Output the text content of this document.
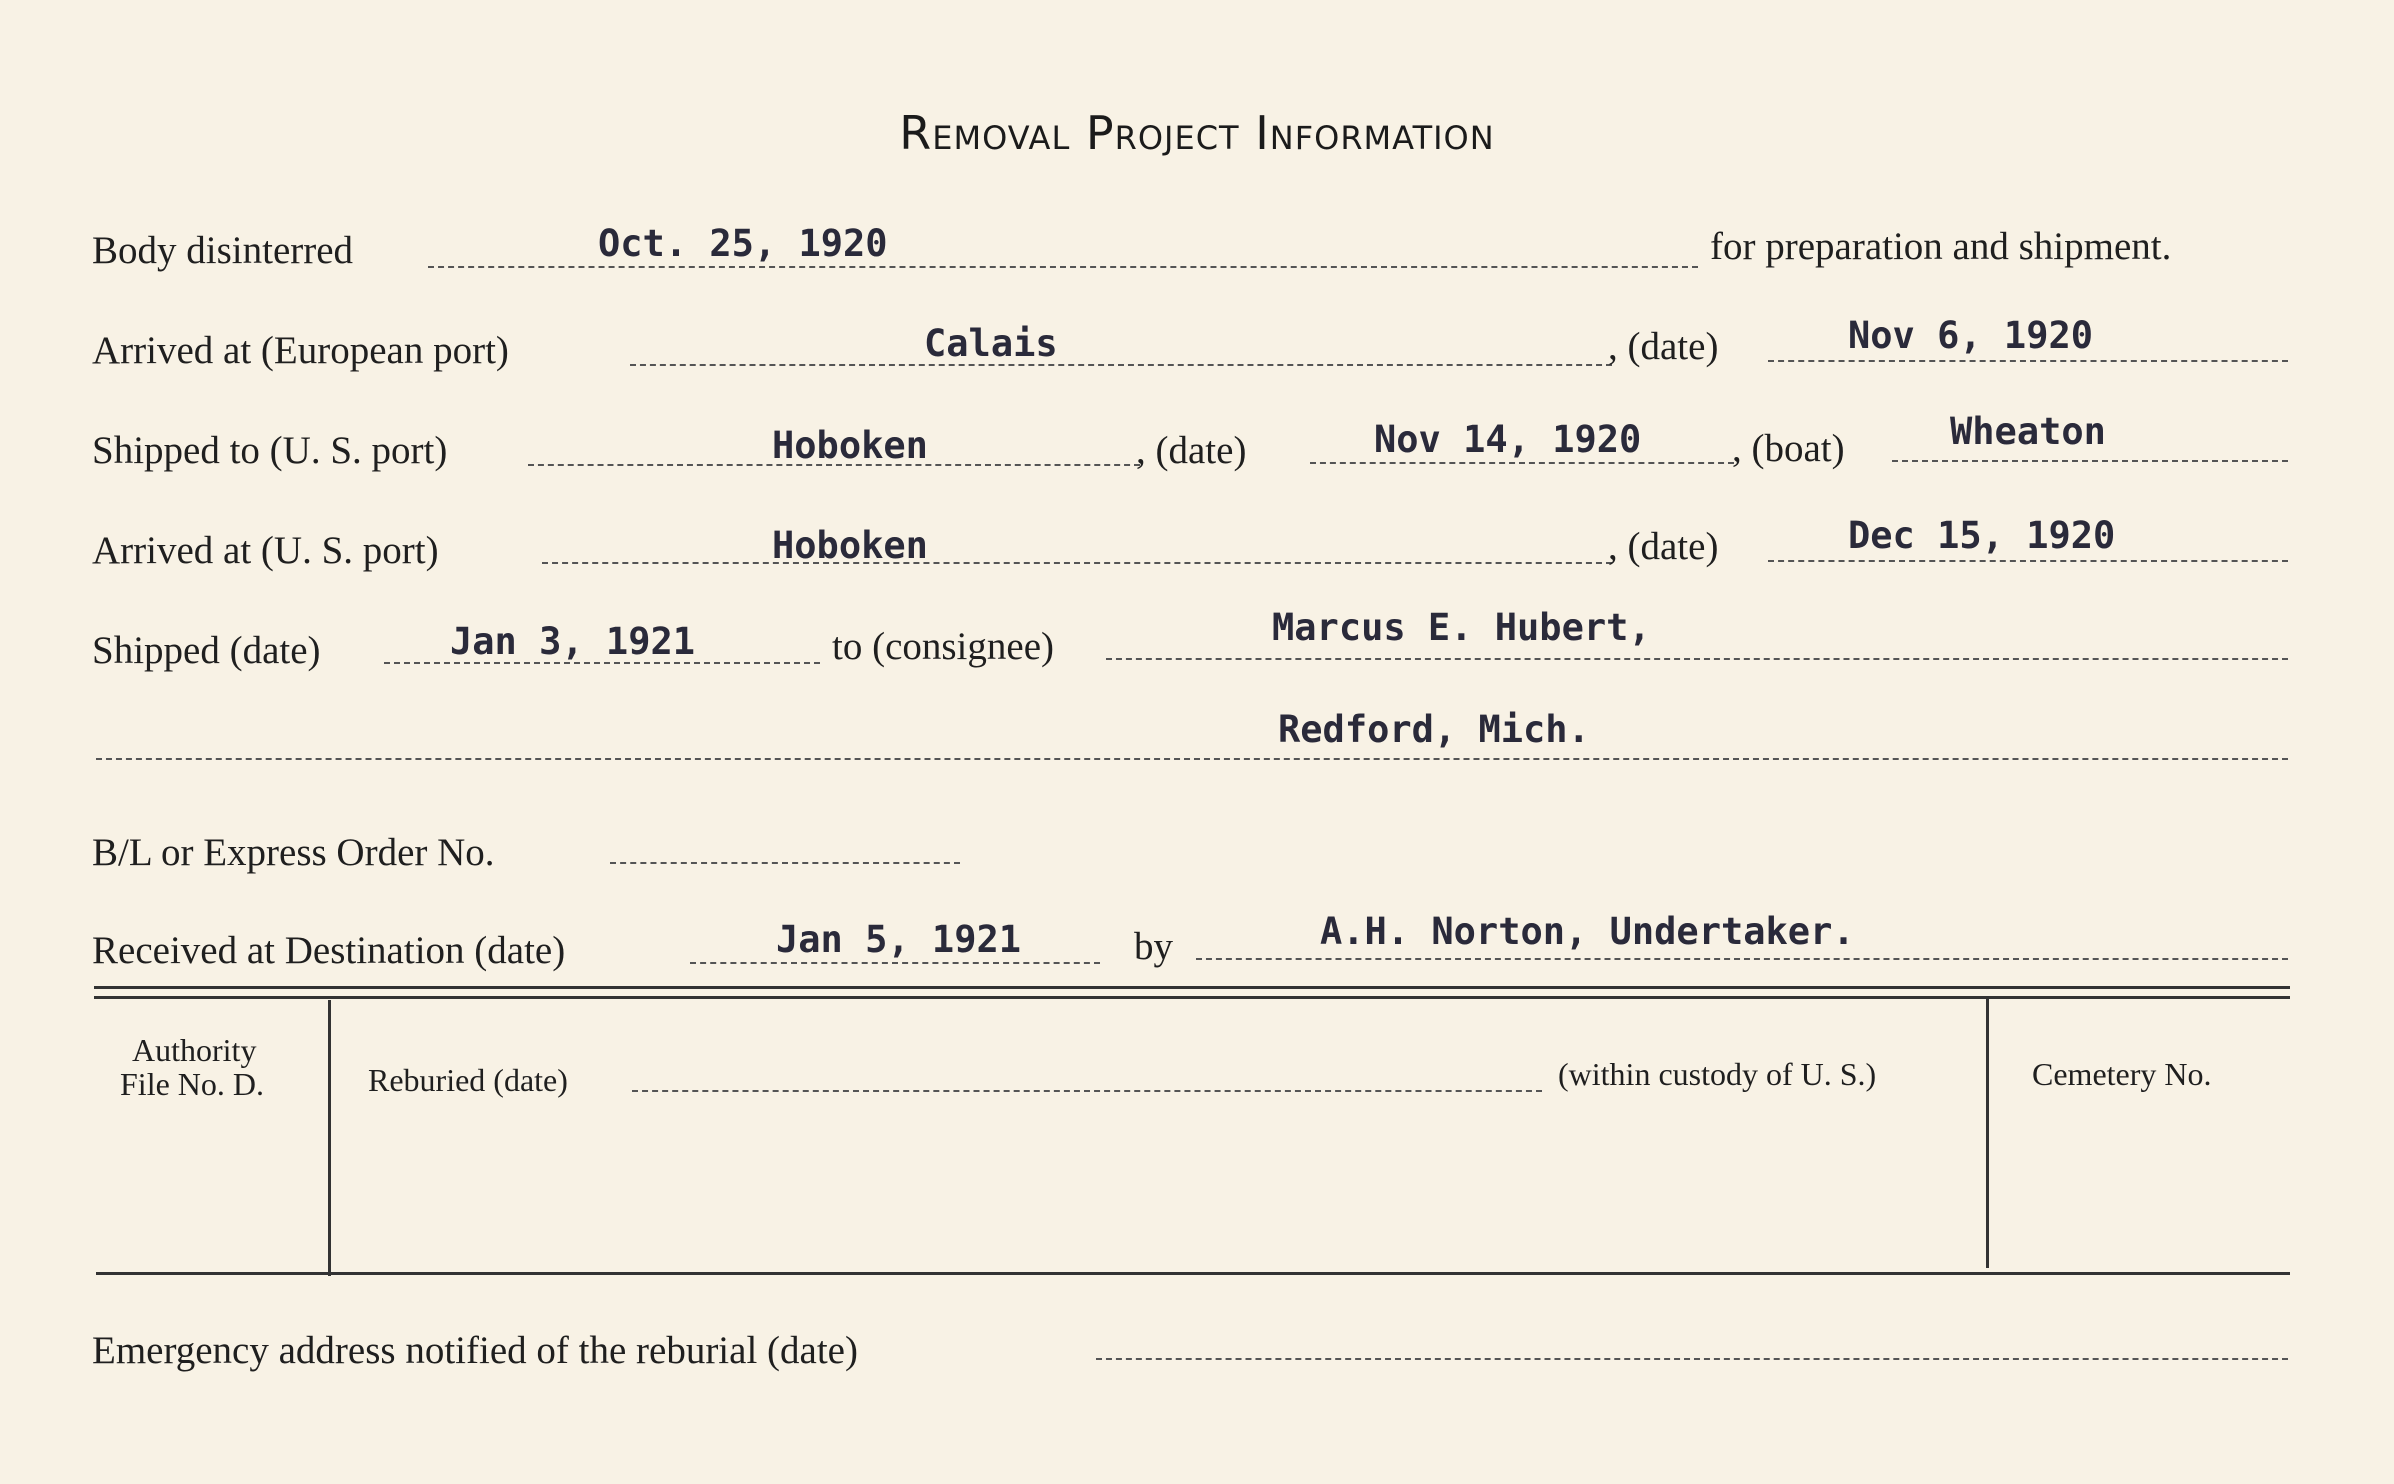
Removal Project Information
Body disinterred	Oct. 25, 1920	for preparation and shipment.
Arrived at (European port)	Calais	, (date)	Nov 6, 1920
Shipped to (U. S. port)	Hoboken	, (date)	Nov 14, 1920 , (boat)	Wheaton
Arrived at (U. S. port)	Hoboken	, (date)	Dec 15, 1920
Shipped (date)	Jan 3, 1921	to (consignee)	Marcus E. Hubert,
Redford, Mich.
B/L or Express Order No.
Received at Destination (date)	Jan 5, 1921	by	A.H. Norton, Undertaker.
Authority
File No. D.	Reburied (date)	(within custody of U. S.)	Cemetery No.
Emergency address notified of the reburial (date)
